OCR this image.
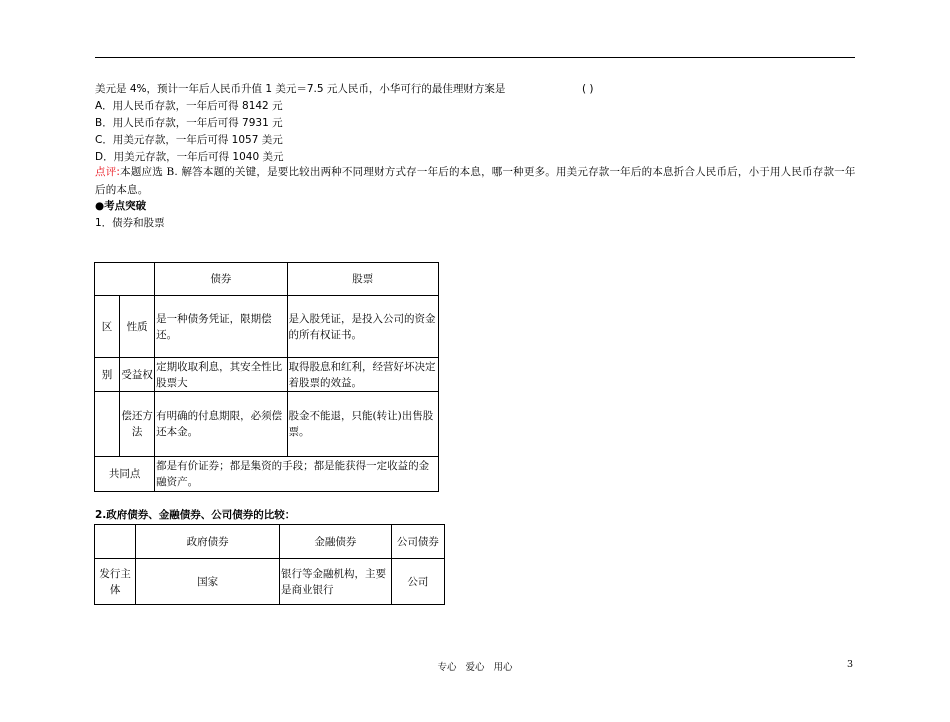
美元是 4%，预计一年后人民币升值 1 美元＝7.5 元人民币，小华可行的最佳理财方案是	( )
A．用人民币存款，一年后可得 8142 元
B．用人民币存款，一年后可得 7931 元
C．用美元存款，一年后可得 1057 美元
D．用美元存款，一年后可得 1040 美元
点评:本题应选 B. 解答本题的关键，是要比较出两种不同理财方式存一年后的本息，哪一种更多。用美元存款一年后的本息折合人民币后，小于用人民币存款一年后的本息。
●考点突破
1．债券和股票
		债券	股票
区	性质	是一种债务凭证，限期偿还。	是入股凭证，是投入公司的资金的所有权证书。
别	受益权	定期收取利息，其安全性比股票大	取得股息和红利，经营好坏决定着股票的效益。
	偿还方法	有明确的付息期限，必须偿还本金。	股金不能退，只能(转让)出售股票。
共同点		都是有价证券；都是集资的手段；都是能获得一定收益的金融资产。	
2.政府债券、金融债券、公司债券的比较：
	政府债券	金融债券	公司债券
发行主体	国家	银行等金融机构，主要是商业银行	公司
专心   爱心   用心	3
